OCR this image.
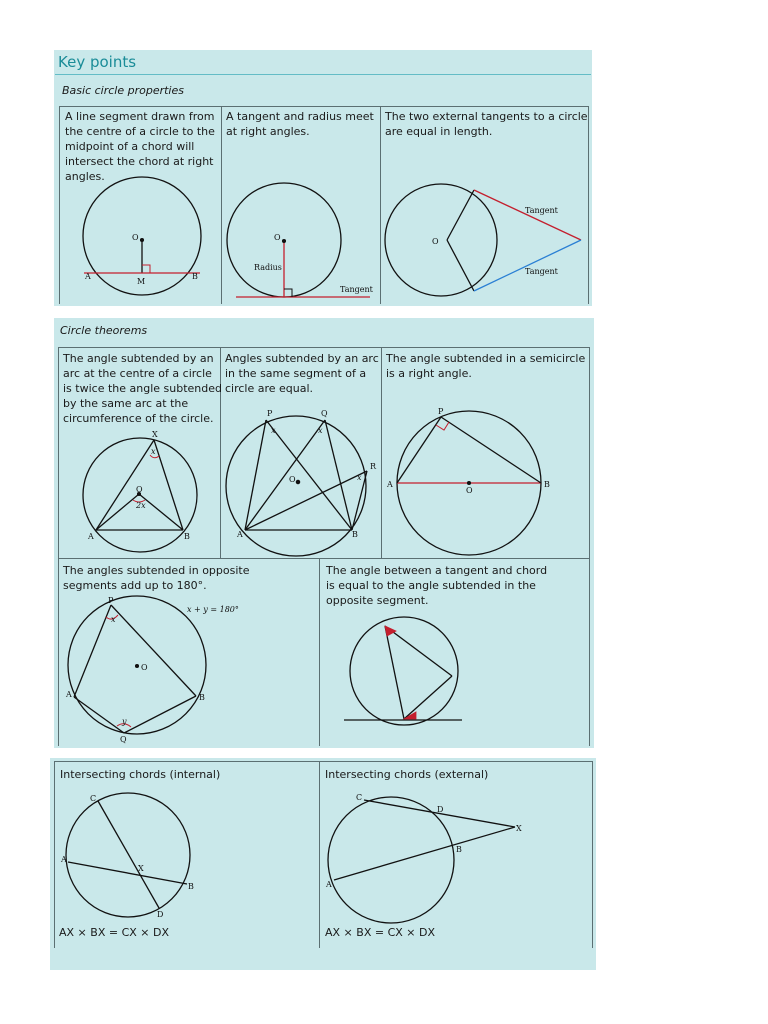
Key points
Basic circle properties
A line segment drawn from
the centre of a circle to the
midpoint of a chord will
intersect the chord at right
angles.
A tangent and radius meet
at right angles.
The two external tangents to a circle
are equal in length.
Circle theorems
The angle subtended by an
arc at the centre of a circle
is twice the angle subtended
by the same arc at the
circumference of the circle.
Angles subtended by an arc
in the same segment of a
circle are equal.
The angle subtended in a semicircle
is a right angle.
The angles subtended in opposite
segments add up to 180°.
The angle between a tangent and chord
is equal to the angle subtended in the
opposite segment.
Intersecting chords (internal)	Intersecting chords (external)
AX × BX = CX × DX	AX × BX = CX × DX
O
A	B
M
O
Radius
Tangent
O
Tangent
Tangent
X
x
O
2x
A	B
P	Q
R
x	x
x
O
A	B
P
A	B
O
P
x + y = 180°
x
O
A	B
y
Q
C
A
X
B
D
C
D
X
B
A
